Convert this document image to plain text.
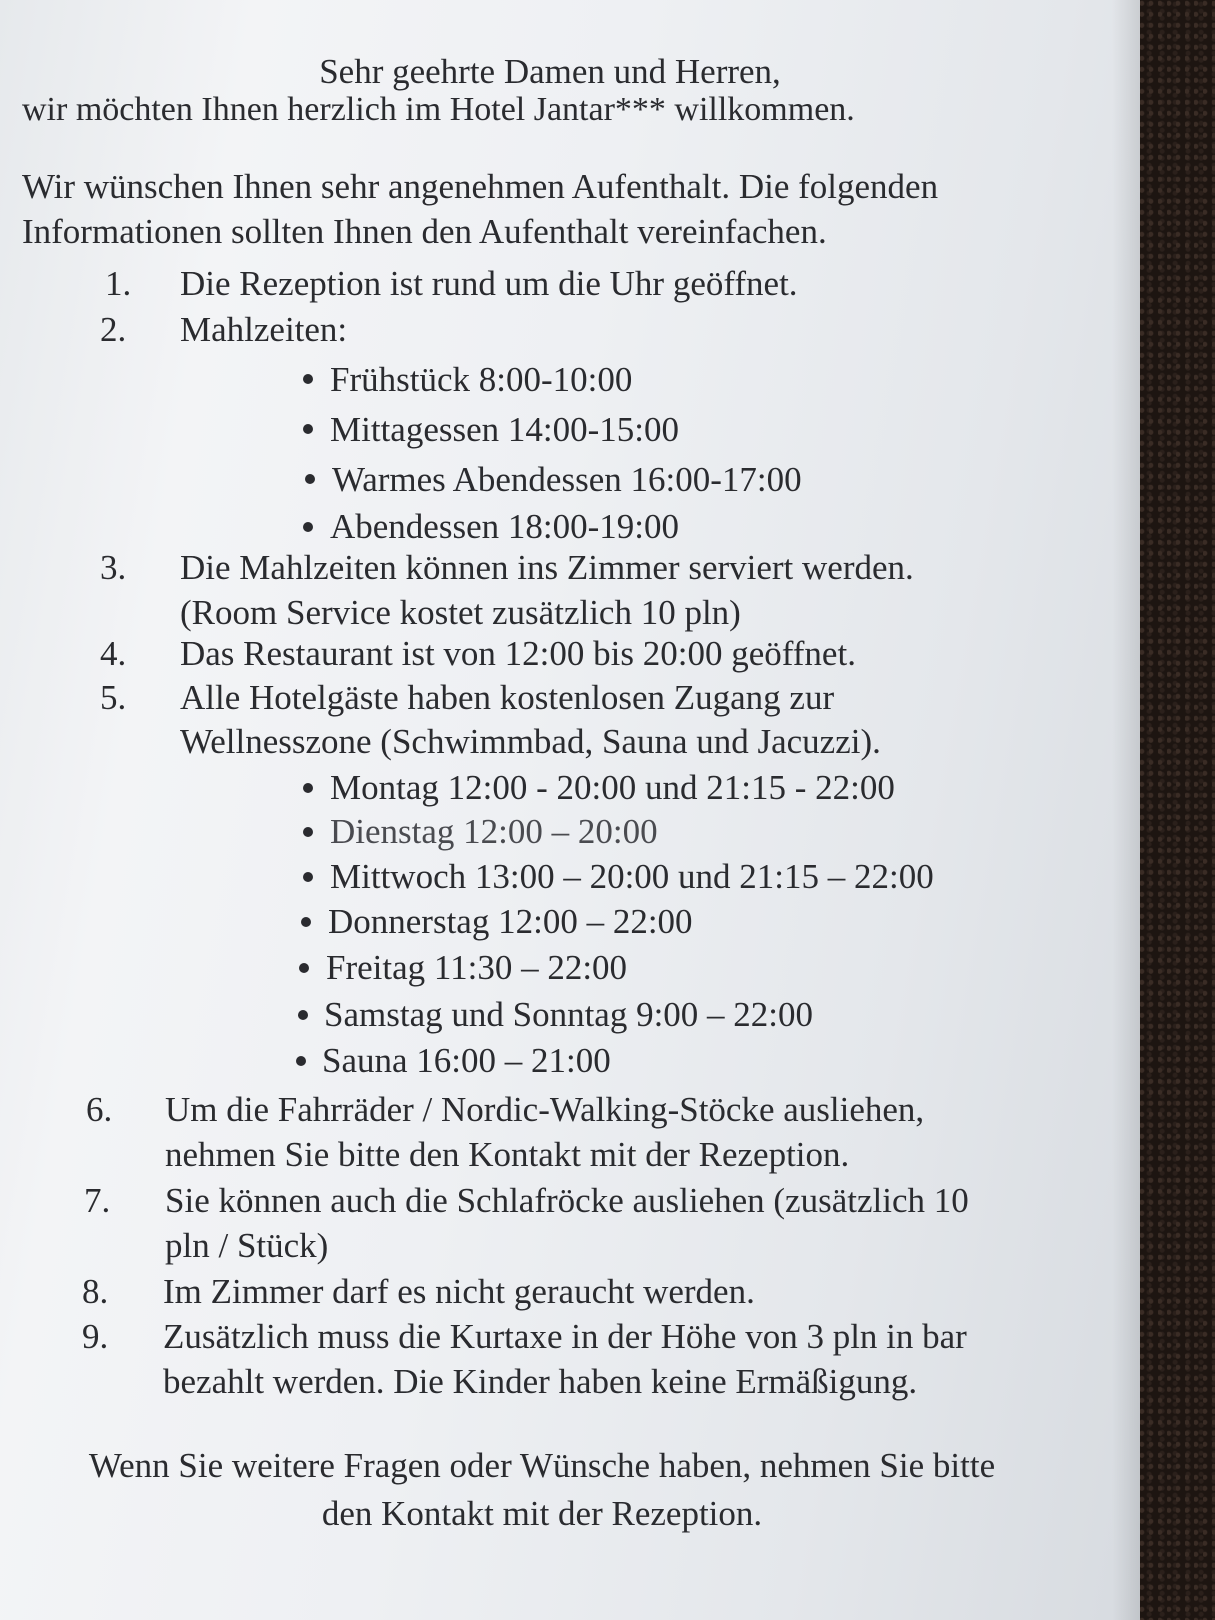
Sehr geehrte Damen und Herren,
wir möchten Ihnen herzlich im Hotel Jantar*** willkommen.
Wir wünschen Ihnen sehr angenehmen Aufenthalt. Die folgenden
Informationen sollten Ihnen den Aufenthalt vereinfachen.
1. Die Rezeption ist rund um die Uhr geöffnet.
2. Mahlzeiten:
Frühstück 8:00-10:00
Mittagessen 14:00-15:00
Warmes Abendessen 16:00-17:00
Abendessen 18:00-19:00
3. Die Mahlzeiten können ins Zimmer serviert werden.
(Room Service kostet zusätzlich 10 pln)
4. Das Restaurant ist von 12:00 bis 20:00 geöffnet.
5. Alle Hotelgäste haben kostenlosen Zugang zur
Wellnesszone (Schwimmbad, Sauna und Jacuzzi).
Montag 12:00 - 20:00 und 21:15 - 22:00
Dienstag 12:00 – 20:00
Mittwoch 13:00 – 20:00 und 21:15 – 22:00
Donnerstag 12:00 – 22:00
Freitag 11:30 – 22:00
Samstag und Sonntag 9:00 – 22:00
Sauna 16:00 – 21:00
6. Um die Fahrräder / Nordic-Walking-Stöcke ausliehen,
nehmen Sie bitte den Kontakt mit der Rezeption.
7. Sie können auch die Schlafröcke ausliehen (zusätzlich 10
pln / Stück)
8. Im Zimmer darf es nicht geraucht werden.
9. Zusätzlich muss die Kurtaxe in der Höhe von 3 pln in bar
bezahlt werden. Die Kinder haben keine Ermäßigung.
Wenn Sie weitere Fragen oder Wünsche haben, nehmen Sie bitte
den Kontakt mit der Rezeption.
